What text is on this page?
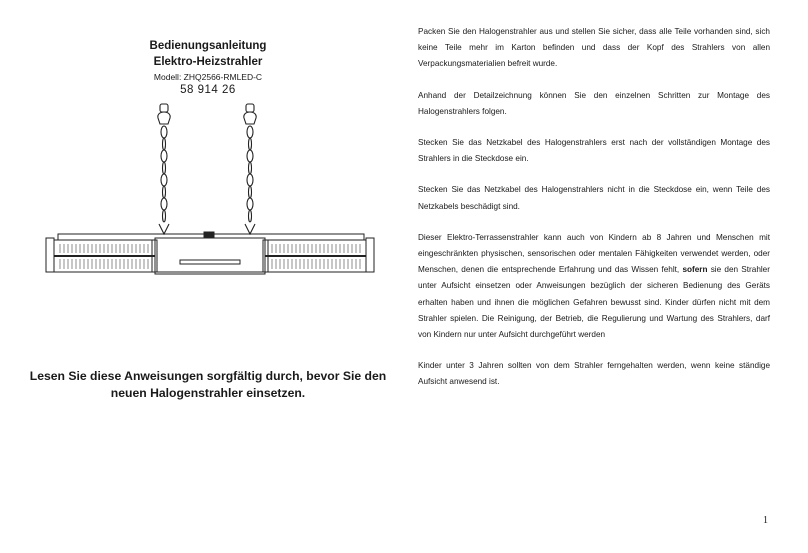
Bedienungsanleitung
Elektro-Heizstrahler
Modell: ZHQ2566-RMLED-C
58 914 26
Lesen Sie diese Anweisungen sorgfältig durch, bevor Sie den
neuen Halogenstrahler einsetzen.

Packen Sie den Halogenstrahler aus und stellen Sie sicher, dass alle Teile vorhanden sind, sich keine Teile mehr im Karton befinden und dass der Kopf des Strahlers von allen Verpackungsmaterialien befreit wurde.

Anhand der Detailzeichnung können Sie den einzelnen Schritten zur Montage des Halogenstrahlers folgen.

Stecken Sie das Netzkabel des Halogenstrahlers erst nach der vollständigen Montage des Strahlers in die Steckdose ein.

Stecken Sie das Netzkabel des Halogenstrahlers nicht in die Steckdose ein, wenn Teile des Netzkabels beschädigt sind.

Dieser Elektro-Terrassenstrahler kann auch von Kindern ab 8 Jahren und Menschen mit eingeschränkten physischen, sensorischen oder mentalen Fähigkeiten verwendet werden, oder Menschen, denen die entsprechende Erfahrung und das Wissen fehlt, sofern sie den Strahler unter Aufsicht einsetzen oder Anweisungen bezüglich der sicheren Bedienung des Geräts erhalten haben und ihnen die möglichen Gefahren bewusst sind. Kinder dürfen nicht mit dem Strahler spielen. Die Reinigung, der Betrieb, die Regulierung und Wartung des Strahlers, darf von Kindern nur unter Aufsicht durchgeführt werden

Kinder unter 3 Jahren sollten von dem Strahler ferngehalten werden, wenn keine ständige Aufsicht anwesend ist.

1
